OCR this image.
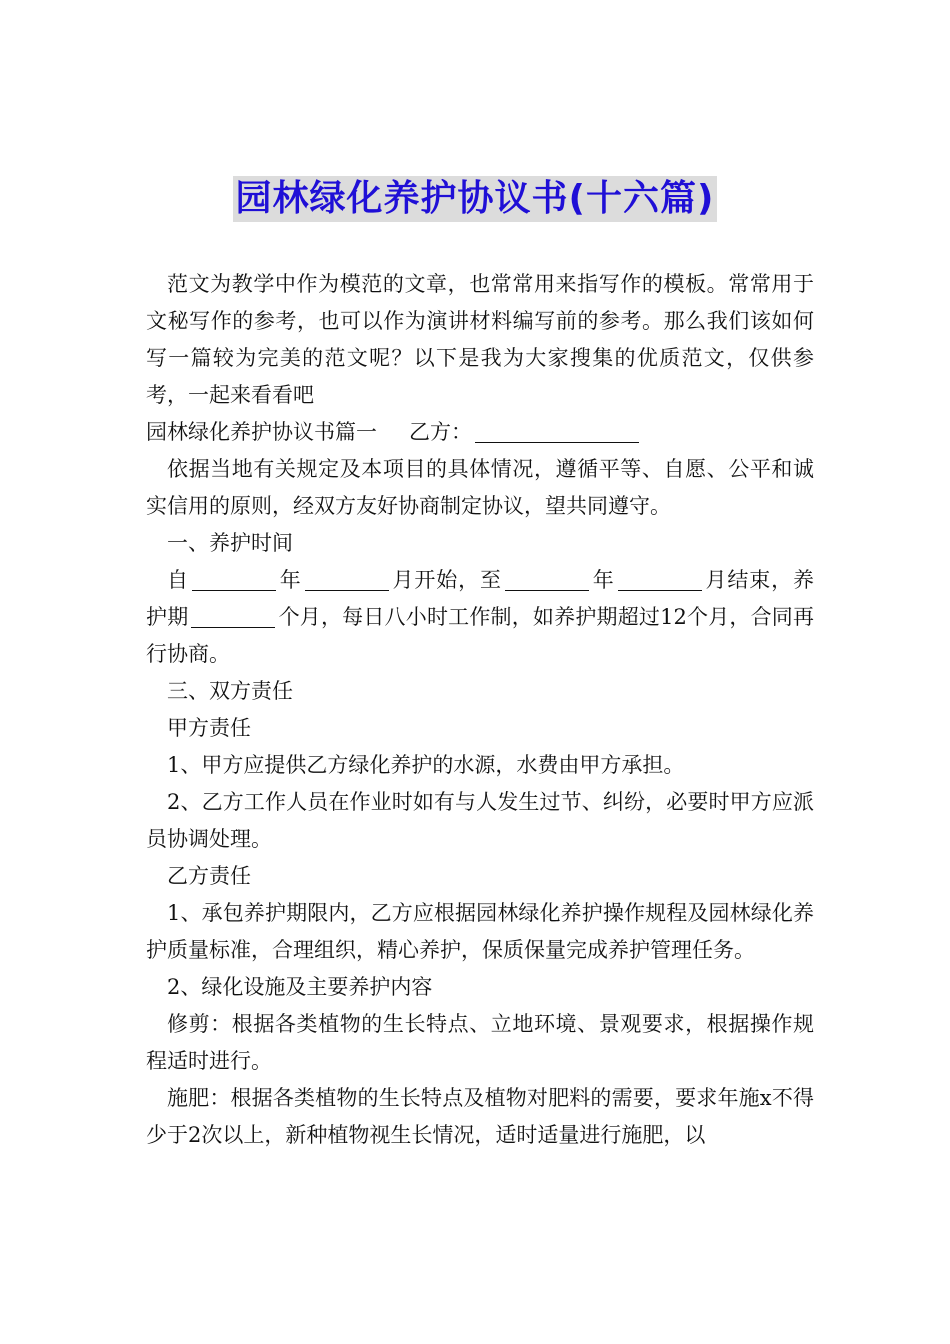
园林绿化养护协议书(十六篇)

范文为教学中作为模范的文章，也常常用来指写作的模板。常常用于文秘写作的参考，也可以作为演讲材料编写前的参考。那么我们该如何写一篇较为完美的范文呢？以下是我为大家搜集的优质范文，仅供参考，一起来看看吧

园林绿化养护协议书篇一 乙方：

依据当地有关规定及本项目的具体情况，遵循平等、自愿、公平和诚实信用的原则，经双方友好协商制定协议，望共同遵守。

一、养护时间

自	年	月开始，至	年	月结束，养护期	个月，每日八小时工作制，如养护期超过12个月，合同再行协商。

三、双方责任

甲方责任

1、甲方应提供乙方绿化养护的水源，水费由甲方承担。

2、乙方工作人员在作业时如有与人发生过节、纠纷，必要时甲方应派员协调处理。

乙方责任

1、承包养护期限内，乙方应根据园林绿化养护操作规程及园林绿化养护质量标准，合理组织，精心养护，保质保量完成养护管理任务。

2、绿化设施及主要养护内容

修剪：根据各类植物的生长特点、立地环境、景观要求，根据操作规程适时进行。

施肥：根据各类植物的生长特点及植物对肥料的需要，要求年施x不得少于2次以上，新种植物视生长情况，适时适量进行施肥，以
